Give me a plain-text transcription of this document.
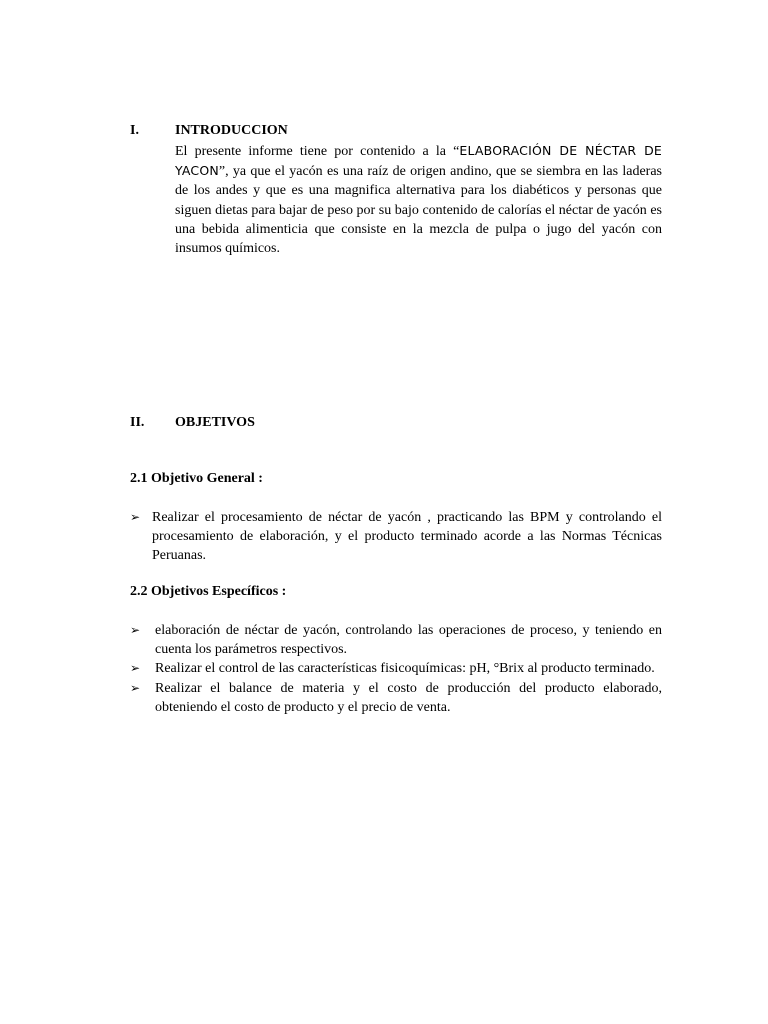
I.	INTRODUCCION
El presente informe tiene por contenido a la “ELABORACIÓN DE NÉCTAR DE YACON”, ya que el yacón es una raíz de origen andino, que se siembra en las laderas de los andes y que es una magnifica alternativa para los diabéticos y personas que siguen dietas para bajar de peso por su bajo contenido de calorías el néctar de yacón es una bebida alimenticia que consiste en la mezcla de pulpa o jugo del yacón con insumos químicos.
II. OBJETIVOS
2.1 Objetivo General :
➢ Realizar el procesamiento de néctar de yacón , practicando las BPM y controlando el procesamiento de elaboración, y el producto terminado acorde a las Normas Técnicas Peruanas.
2.2 Objetivos Específicos :
➢	elaboración de néctar de yacón, controlando las operaciones de proceso, y teniendo en cuenta los parámetros respectivos.
➢	Realizar el control de las características fisicoquímicas: pH, °Brix al producto terminado.
➢	Realizar el balance de materia y el costo de producción del producto elaborado, obteniendo el costo de producto y el precio de venta.
